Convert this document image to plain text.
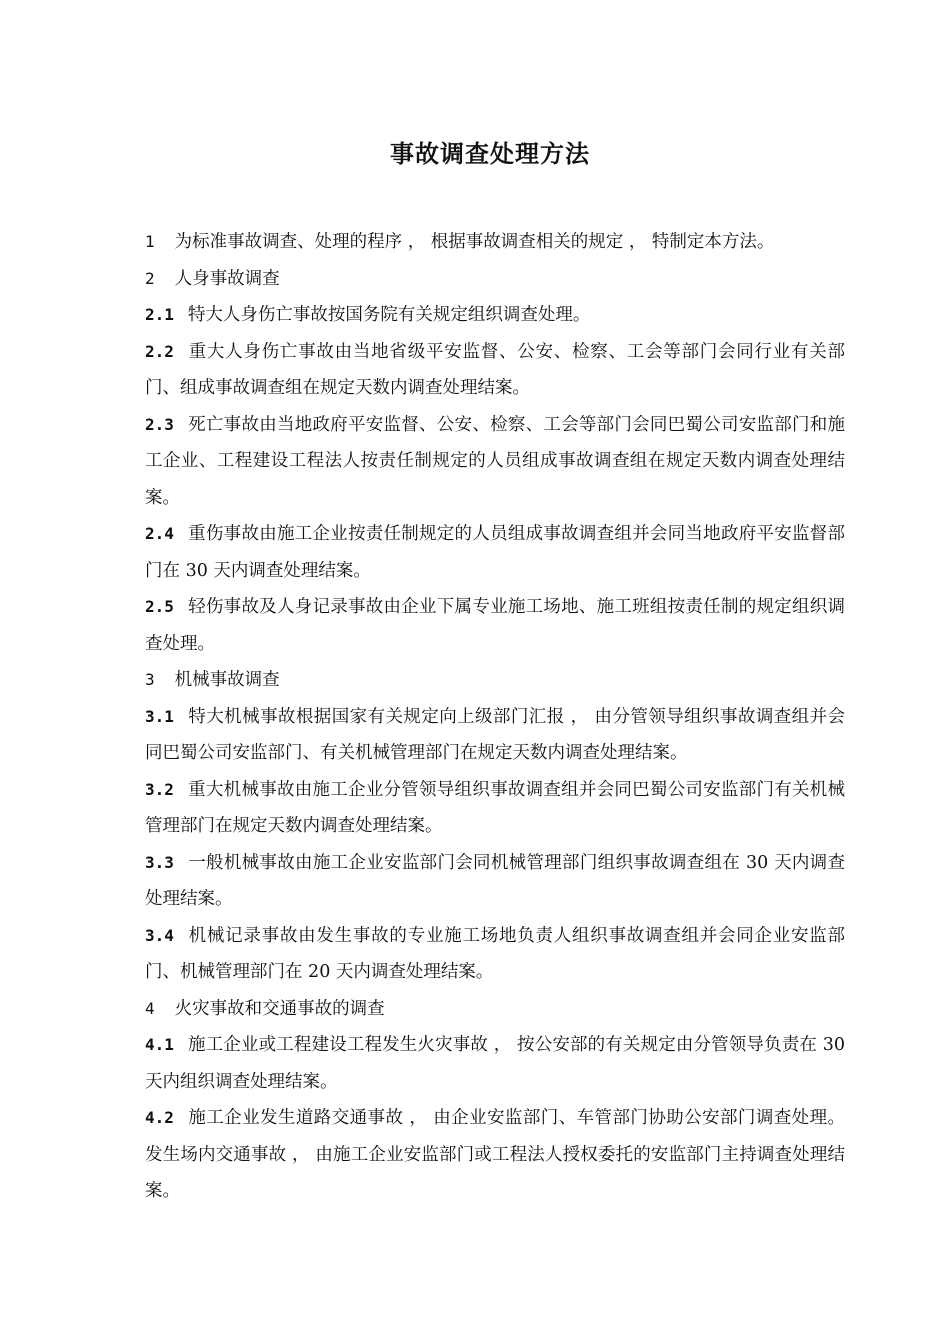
事故调查处理方法

1 为标准事故调查、处理的程序 ， 根据事故调查相关的规定 ， 特制定本方法。

2 人身事故调查

2.1 特大人身伤亡事故按国务院有关规定组织调查处理。

2.2 重大人身伤亡事故由当地省级平安监督、公安、检察、工会等部门会同行业有关部门、组成事故调查组在规定天数内调查处理结案。

2.3 死亡事故由当地政府平安监督、公安、检察、工会等部门会同巴蜀公司安监部门和施工企业、工程建设工程法人按责任制规定的人员组成事故调查组在规定天数内调查处理结案。

2.4 重伤事故由施工企业按责任制规定的人员组成事故调查组并会同当地政府平安监督部门在 30 天内调查处理结案。

2.5 轻伤事故及人身记录事故由企业下属专业施工场地、施工班组按责任制的规定组织调查处理。

3 机械事故调查

3.1 特大机械事故根据国家有关规定向上级部门汇报 ， 由分管领导组织事故调查组并会同巴蜀公司安监部门、有关机械管理部门在规定天数内调查处理结案。

3.2 重大机械事故由施工企业分管领导组织事故调查组并会同巴蜀公司安监部门有关机械管理部门在规定天数内调查处理结案。

3.3 一般机械事故由施工企业安监部门会同机械管理部门组织事故调查组在 30 天内调查处理结案。

3.4 机械记录事故由发生事故的专业施工场地负责人组织事故调查组并会同企业安监部门、机械管理部门在 20 天内调查处理结案。

4 火灾事故和交通事故的调查

4.1 施工企业或工程建设工程发生火灾事故 ， 按公安部的有关规定由分管领导负责在 30 天内组织调查处理结案。

4.2 施工企业发生道路交通事故 ， 由企业安监部门、车管部门协助公安部门调查处理。发生场内交通事故 ， 由施工企业安监部门或工程法人授权委托的安监部门主持调查处理结案。
